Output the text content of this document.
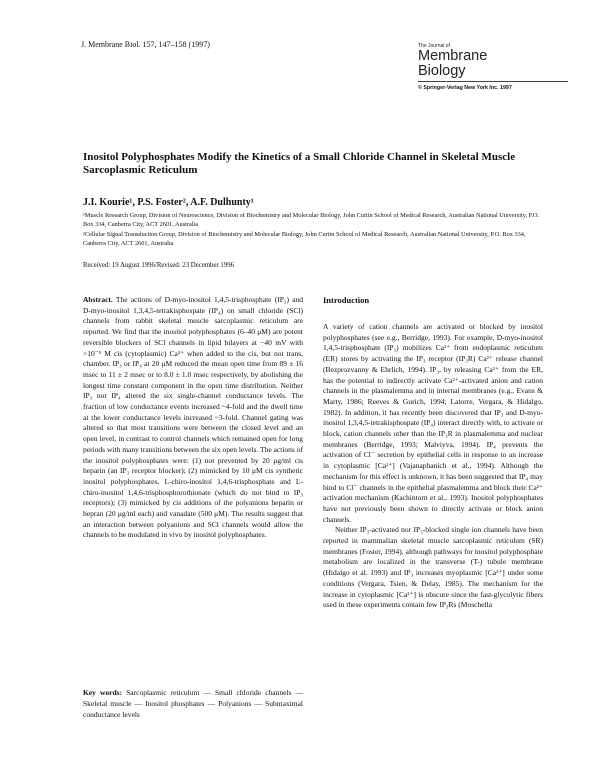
J. Membrane Biol. 157, 147–158 (1997)	The Journal of
Membrane
Biology
© Springer-Verlag New York Inc. 1997
Inositol Polyphosphates Modify the Kinetics of a Small Chloride Channel in Skeletal Muscle Sarcoplasmic Reticulum
J.I. Kourie¹, P.S. Foster², A.F. Dulhunty¹
¹Muscle Research Group, Division of Neuroscience, Division of Biochemistry and Molecular Biology, John Curtin School of Medical Research, Australian National University, P.O. Box 334, Canberra City, ACT 2601, Australia
²Cellular Signal Transduction Group, Division of Biochemistry and Molecular Biology, John Curtin School of Medical Research, Australian National University, P.O. Box 334, Canberra City, ACT 2601, Australia
Received: 19 August 1996/Revised: 23 December 1996

Abstract. The actions of D-myo-inositol 1,4,5-trisphosphate (IP₃) and D-myo-inositol 1,3,4,5-tetrakisphospate (IP₄) on small chloride (SCl) channels from rabbit skeletal muscle sarcoplasmic reticulum are reported. We find that the inositol polyphosphates (6–40 μM) are potent reversible blockers of SCl channels in lipid bilayers at −40 mV with >10⁻⁵ M cis (cytoplasmic) Ca²⁺ when added to the cis, but not trans, chamber. IP₃ or IP₄ at 20 μM reduced the mean open time from 89 ± 16 msec to 11 ± 2 msec or to 8.0 ± 1.0 msec respectively, by abolishing the longest time constant component in the open time distribution. Neither IP₃ nor IP₄ altered the six single-channel conductance levels. The fraction of low conductance events increased ~4-fold and the dwell time at the lower conductance levels increased ~3-fold. Channel gating was altered so that most transitions were between the closed level and an open level, in contrast to control channels which remained open for long periods with many transitions between the six open levels. The actions of the inositol polyphosphates were: (1) not prevented by 20 μg/ml cis heparin (an IP₃ receptor blocker); (2) mimicked by 10 μM cis synthetic inositol polyphosphates, L-chiro-inositol 1,4,6-trisphosphate and L-chiro-inositol 1,4,6-trisphosphorothionate (which do not bind to IP₃ receptors); (3) mimicked by cis additions of the polyanions heparin or hepran (20 μg/ml each) and vanadate (500 μM). The results suggest that an interaction between polyanions and SCl channels would allow the channels to be modulated in vivo by inositol polyphosphates.

Key words: Sarcoplasmic reticulum — Small chloride channels — Skeletal muscle — Inositol phosphates — Polyanions — Submaximal conductance levels

Introduction

A variety of cation channels are activated or blocked by inositol polyphosphates (see e.g., Berridge, 1993). For example, D-myo-inositol 1,4,5-trisphosphate (IP₃) mobilizes Ca²⁺ from endoplasmic reticulum (ER) stores by activating the IP₃ receptor (IP₃R) Ca²⁺ release channel (Bezprozvanny & Ehrlich, 1994). IP₃, by releasing Ca²⁺ from the ER, has the potential to indirectly activate Ca²⁺-activated anion and cation channels in the plasmalemma and in internal membranes (e.g., Evans & Marty, 1986; Reeves & Gurich, 1994; Latorre, Vergara, & Hidalgo, 1982). In addition, it has recently been discovered that IP₃ and D-myo-inositol 1,3,4,5-tetrakisphospate (IP₄) interact directly with, to activate or block, cation channels other than the IP₃R in plasmalemma and nuclear membranes (Berridge, 1993; Malviyva, 1994). IP₄ prevents the activation of Cl⁻ secretion by epithelial cells in response to an increase in cytoplasmic [Ca²⁺] (Vajanaphanich et al., 1994). Although the mechanism for this effect is unknown, it has been suggested that IP₄ may bind to Cl⁻ channels in the epithelial plasmalemma and block their Ca²⁺ activation mechanism (Kachintorn et al., 1993). Inositol polyphosphates have not previously been shown to directly activate or block anion channels.

Neither IP₃-activated nor IP₃-blocked single ion channels have been reported in mammalian skeletal muscle sarcoplasmic reticulum (SR) membranes (Foster, 1994), although pathways for inositol polyphosphate metabolism are localized in the transverse (T-) tubule membrane (Hidalgo et al. 1993) and IP₃ increases myoplasmic [Ca²⁺] under some conditions (Vergara, Tsien, & Delay, 1985). The mechanism for the increase in cytoplasmic [Ca²⁺] is obscure since the fast-glycolytic fibers used in these experiments contain few IP₃Rs (Moschella
